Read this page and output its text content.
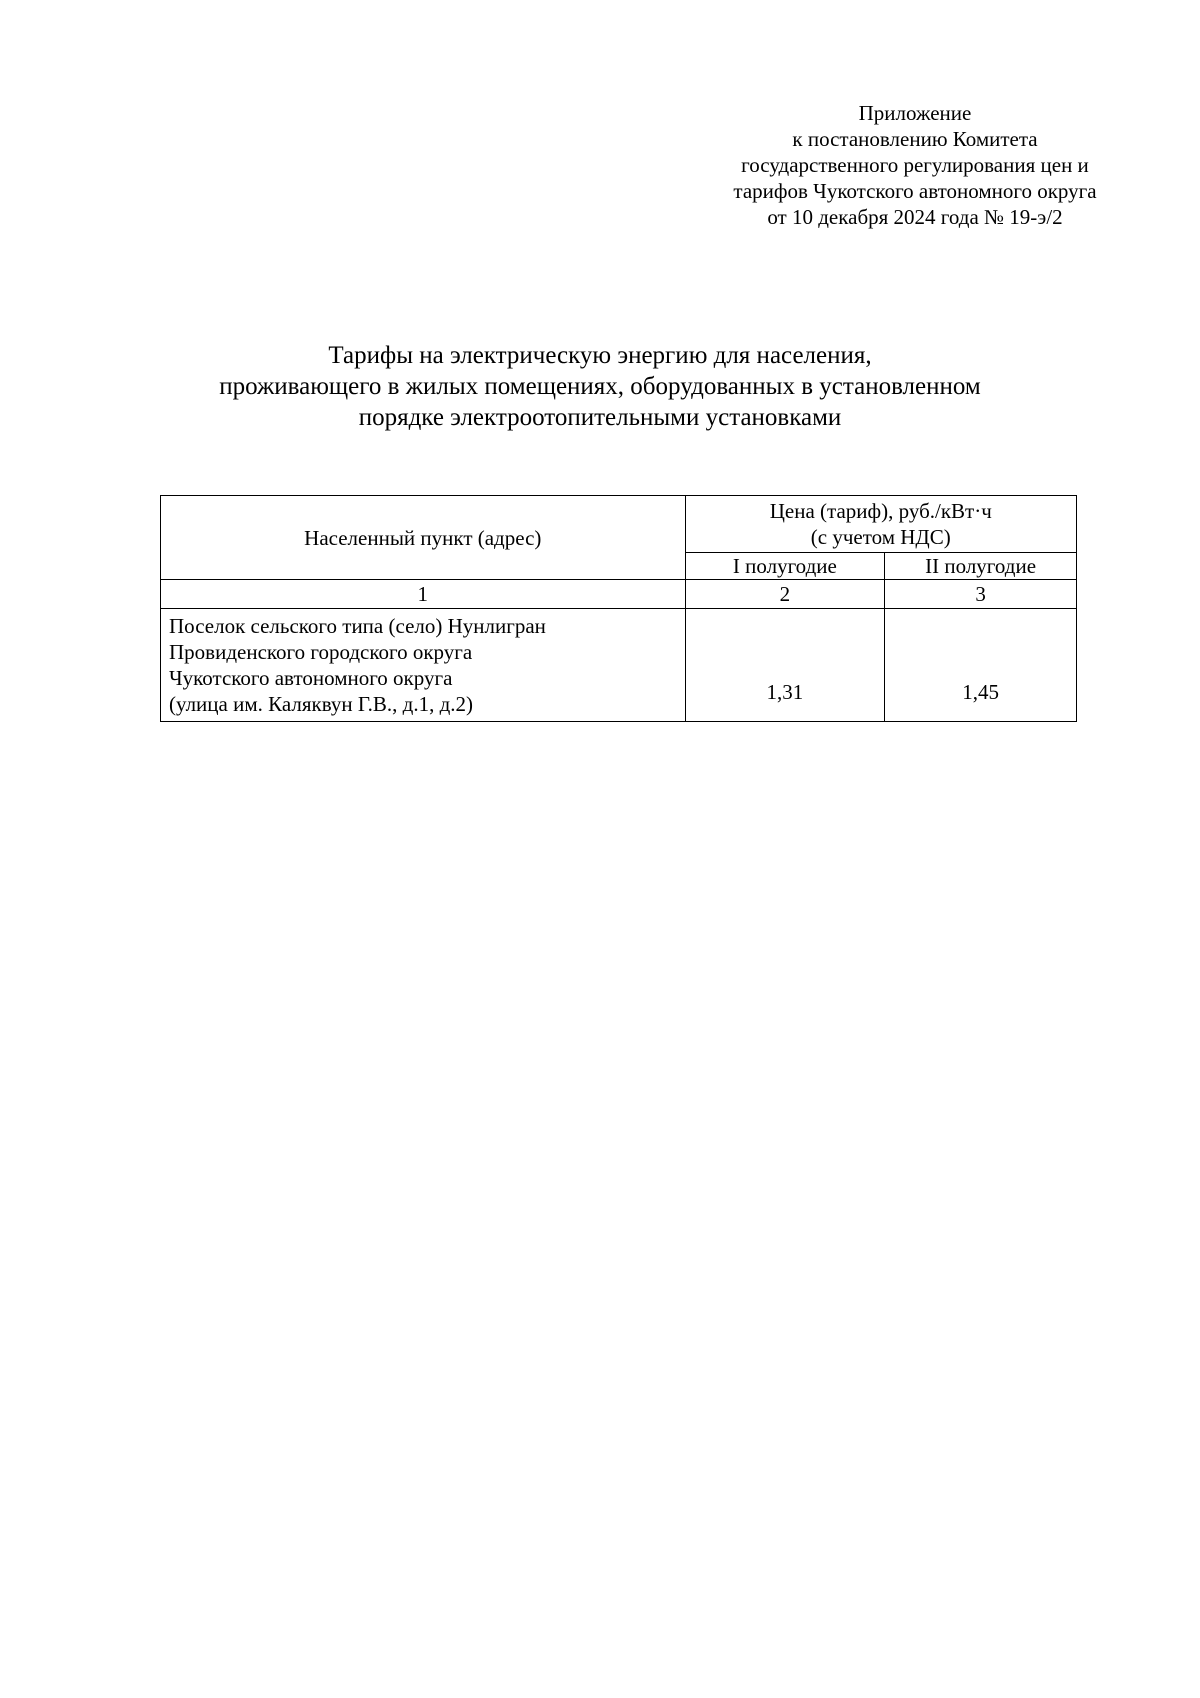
Приложение
к постановлению Комитета
государственного регулирования цен и
тарифов Чукотского автономного округа
от 10 декабря 2024 года № 19-э/2
Тарифы на электрическую энергию для населения,
проживающего в жилых помещениях, оборудованных в установленном
порядке электроотопительными установками
Населенный пункт (адрес)	Цена (тариф), руб./кВт·ч
(с учетом НДС)	

	I полугодие	II полугодие
1	2	3

Поселок сельского типа (село) Нунлигран
Провиденского городского округа
Чукотского автономного округа
(улица им. Каляквун Г.В., д.1, д.2)	1,31	1,45
